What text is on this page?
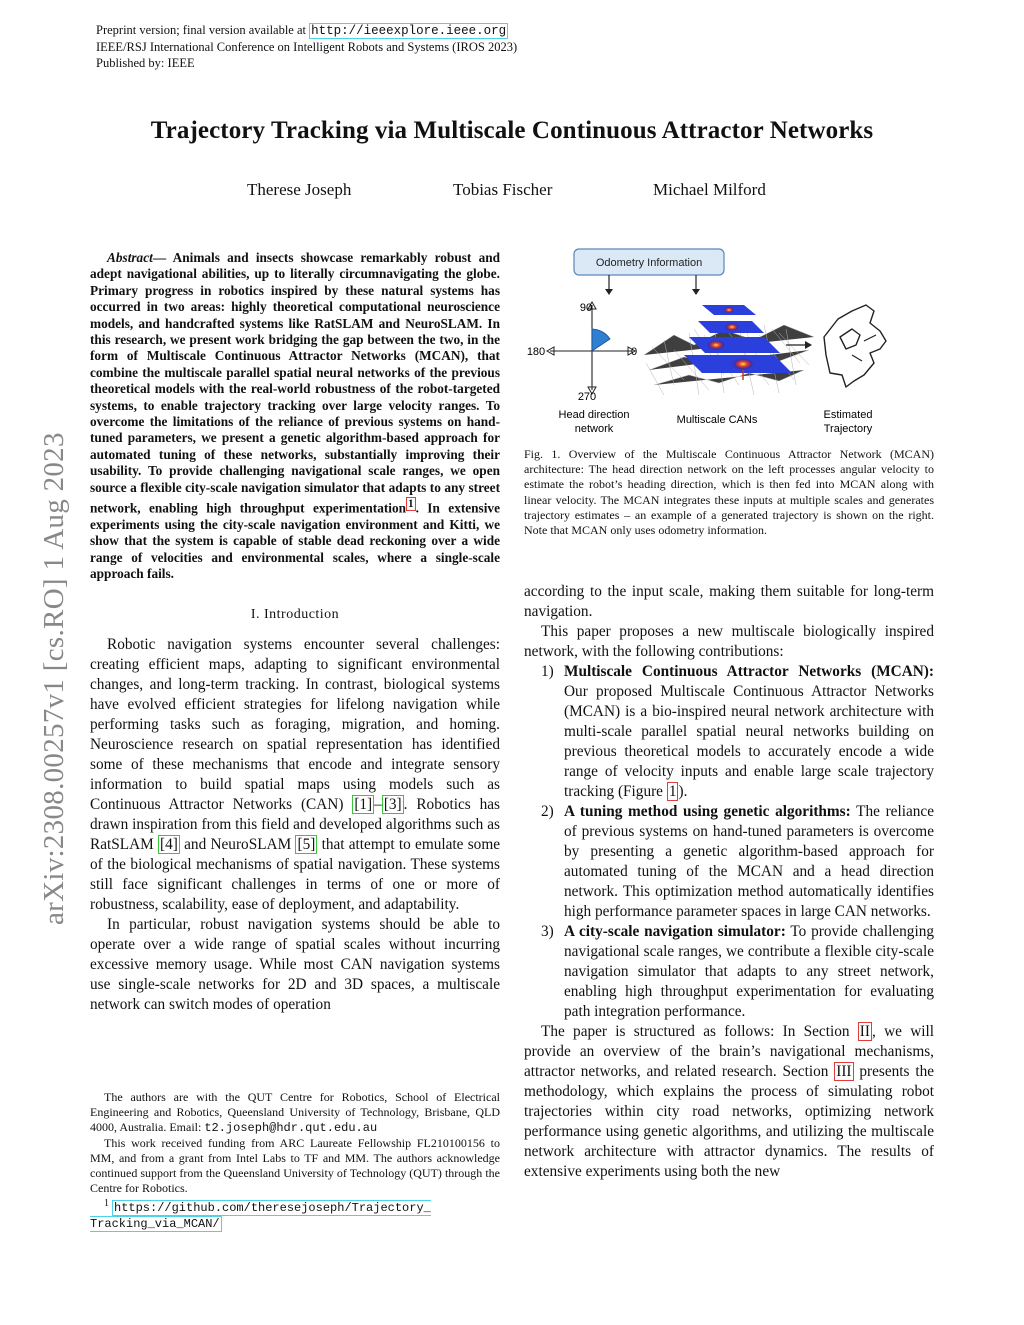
Preprint version; final version available at http://ieeexplore.ieee.org
IEEE/RSJ International Conference on Intelligent Robots and Systems (IROS 2023)
Published by: IEEE
Trajectory Tracking via Multiscale Continuous Attractor Networks
Therese Joseph	Tobias Fischer	Michael Milford
arXiv:2308.00257v1 [cs.RO] 1 Aug 2023

Abstract— Animals and insects showcase remarkably robust and adept navigational abilities, up to literally circumnavigating the globe. Primary progress in robotics inspired by these natural systems has occurred in two areas: highly theoretical computational neuroscience models, and handcrafted systems like RatSLAM and NeuroSLAM. In this research, we present work bridging the gap between the two, in the form of Multiscale Continuous Attractor Networks (MCAN), that combine the multiscale parallel spatial neural networks of the previous theoretical models with the real-world robustness of the robot-targeted systems, to enable trajectory tracking over large velocity ranges. To overcome the limitations of the reliance of previous systems on hand-tuned parameters, we present a genetic algorithm-based approach for automated tuning of these networks, substantially improving their usability. To provide challenging navigational scale ranges, we open source a flexible city-scale navigation simulator that adapts to any street network, enabling high throughput experimentation $^1$ . In extensive experiments using the city-scale navigation environment and Kitti, we show that the system is capable of stable dead reckoning over a wide range of velocities and environmental scales, where a single-scale approach fails.

I. Introduction

Robotic navigation systems encounter several challenges: creating efficient maps, adapting to significant environmental changes, and long-term tracking. In contrast, biological systems have evolved efficient strategies for lifelong navigation while performing tasks such as foraging, migration, and homing. Neuroscience research on spatial representation has identified some of these mechanisms that encode and integrate sensory information to build spatial maps using models such as Continuous Attractor Networks (CAN) [1] – [3] . Robotics has drawn inspiration from this field and developed algorithms such as RatSLAM [4] and NeuroSLAM [5] that attempt to emulate some of the biological mechanisms of spatial navigation. These systems still face significant challenges in terms of one or more of robustness, scalability, ease of deployment, and adaptability.

In particular, robust navigation systems should be able to operate over a wide range of spatial scales without incurring excessive memory usage. While most CAN navigation systems use single-scale networks for 2D and 3D spaces, a multiscale network can switch modes of operation

The authors are with the QUT Centre for Robotics, School of Electrical Engineering and Robotics, Queensland University of Technology, Brisbane, QLD 4000, Australia. Email: t2.joseph@hdr.qut.edu.au

This work received funding from ARC Laureate Fellowship FL210100156 to MM, and from a grant from Intel Labs to TF and MM. The authors acknowledge continued support from the Queensland University of Technology (QUT) through the Centre for Robotics.

$^1$ https://github.com/theresejoseph/Trajectory_
Tracking_via_MCAN/

Odometry Information
90
180	0
270
Head direction
network
Multiscale CANs	Estimated
Trajectory
Fig. 1. Overview of the Multiscale Continuous Attractor Network (MCAN) architecture: The head direction network on the left processes angular velocity to estimate the robot’s heading direction, which is then fed into MCAN along with linear velocity. The MCAN integrates these inputs at multiple scales and generates trajectory estimates – an example of a generated trajectory is shown on the right. Note that MCAN only uses odometry information.

according to the input scale, making them suitable for long-term navigation.

This paper proposes a new multiscale biologically inspired network, with the following contributions:

1) Multiscale Continuous Attractor Networks (MCAN): Our proposed Multiscale Continuous Attractor Networks (MCAN) is a bio-inspired neural network architecture with multi-scale parallel spatial neural networks building on previous theoretical models to accurately encode a wide range of velocity inputs and enable large scale trajectory tracking (Figure 1 ).
2) A tuning method using genetic algorithms: The reliance of previous systems on hand-tuned parameters is overcome by presenting a genetic algorithm-based approach for automated tuning of the MCAN and a head direction network. This optimization method automatically identifies high performance parameter spaces in large CAN networks.
3) A city-scale navigation simulator: To provide challenging navigational scale ranges, we contribute a flexible city-scale navigation simulator that adapts to any street network, enabling high throughput experimentation for evaluating path integration performance.

The paper is structured as follows: In Section II , we will provide an overview of the brain’s navigational mechanisms, attractor networks, and related research. Section III presents the methodology, which explains the process of simulating robot trajectories within city road networks, optimizing network performance using genetic algorithms, and utilizing the multiscale network architecture with attractor dynamics. The results of extensive experiments using both the new
